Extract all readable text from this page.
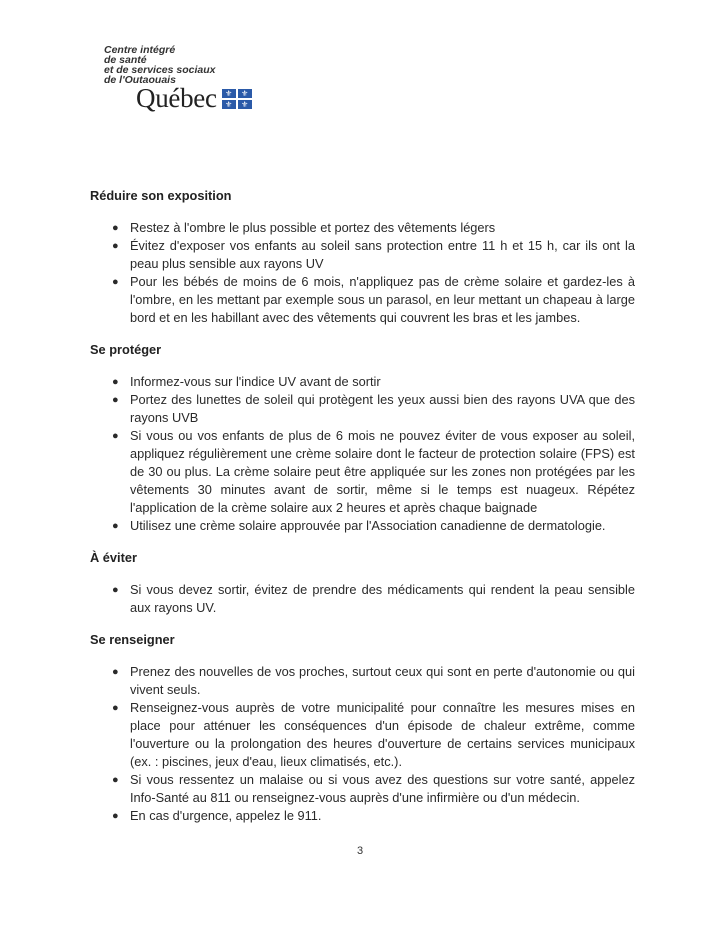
Centre intégré
de santé
et de services sociaux
de l'Outaouais
Québec	⚜	⚜
⚜	⚜
Réduire son exposition
● Restez à l'ombre le plus possible et portez des vêtements légers
● Évitez d'exposer vos enfants au soleil sans protection entre 11 h et 15 h, car ils ont la peau plus sensible aux rayons UV
● Pour les bébés de moins de 6 mois, n'appliquez pas de crème solaire et gardez-les à l'ombre, en les mettant par exemple sous un parasol, en leur mettant un chapeau à large bord et en les habillant avec des vêtements qui couvrent les bras et les jambes.
Se protéger
● Informez-vous sur l'indice UV avant de sortir
● Portez des lunettes de soleil qui protègent les yeux aussi bien des rayons UVA que des rayons UVB
● Si vous ou vos enfants de plus de 6 mois ne pouvez éviter de vous exposer au soleil, appliquez régulièrement une crème solaire dont le facteur de protection solaire (FPS) est de 30 ou plus. La crème solaire peut être appliquée sur les zones non protégées par les vêtements 30 minutes avant de sortir, même si le temps est nuageux. Répétez l'application de la crème solaire aux 2 heures et après chaque baignade
● Utilisez une crème solaire approuvée par l'Association canadienne de dermatologie.
À éviter
● Si vous devez sortir, évitez de prendre des médicaments qui rendent la peau sensible aux rayons UV.
Se renseigner
● Prenez des nouvelles de vos proches, surtout ceux qui sont en perte d'autonomie ou qui vivent seuls.
● Renseignez-vous auprès de votre municipalité pour connaître les mesures mises en place pour atténuer les conséquences d'un épisode de chaleur extrême, comme l'ouverture ou la prolongation des heures d'ouverture de certains services municipaux (ex. : piscines, jeux d'eau, lieux climatisés, etc.).
● Si vous ressentez un malaise ou si vous avez des questions sur votre santé, appelez Info-Santé au 811 ou renseignez-vous auprès d'une infirmière ou d'un médecin.
● En cas d'urgence, appelez le 911.
3
